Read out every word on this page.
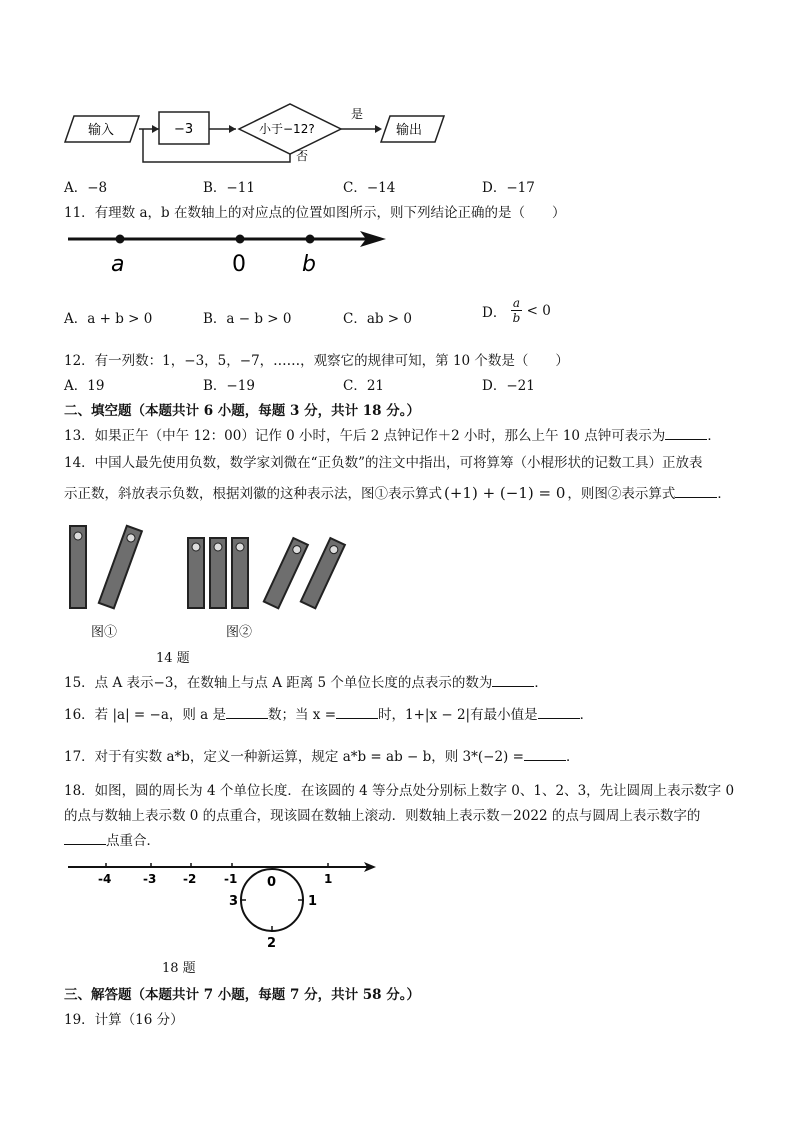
输入	−3	小于−12?
是
输出
否
A．−8	B．−11	C．−14	D．−17
11．有理数 a，b 在数轴上的对应点的位置如图所示，则下列结论正确的是（　　）
a	0	b
A．a + b > 0	B．a − b > 0	C．ab > 0	D． $\frac{a}{b} < 0$
12．有一列数：1，−3，5，−7，……，观察它的规律可知，第 10 个数是（　　）
A．19	B．−19	C．21	D．−21
二、填空题（本题共计 6 小题，每题 3 分，共计 18 分。）
13．如果正午（中午 12：00）记作 0 小时，午后 2 点钟记作＋2 小时，那么上午 10 点钟可表示为	．
14．中国人最先使用负数，数学家刘微在“正负数”的注文中指出，可将算筹（小棍形状的记数工具）正放表
示正数，斜放表示负数，根据刘徽的这种表示法，图①表示算式 (+1) + (−1) = 0 ，则图②表示算式	．
图①	图②
14 题
15．点 A 表示−3，在数轴上与点 A 距离 5 个单位长度的点表示的数为	．
16．若 |a| = −a，则 a 是	数；当 x =	时，1+|x − 2|有最小值是	．
17．对于有实数 a*b，定义一种新运算，规定 a*b = ab − b，则 3*(−2) =	．
18．如图，圆的周长为 4 个单位长度．在该圆的 4 等分点处分别标上数字 0、1、2、3，先让圆周上表示数字 0
的点与数轴上表示数 0 的点重合，现该圆在数轴上滚动．则数轴上表示数－2022 的点与圆周上表示数字的
点重合．
-4	-3 -2 -1	1
0
1
2
3
18 题
三、解答题（本题共计 7 小题，每题 7 分，共计 58 分。）
19．计算（16 分）
